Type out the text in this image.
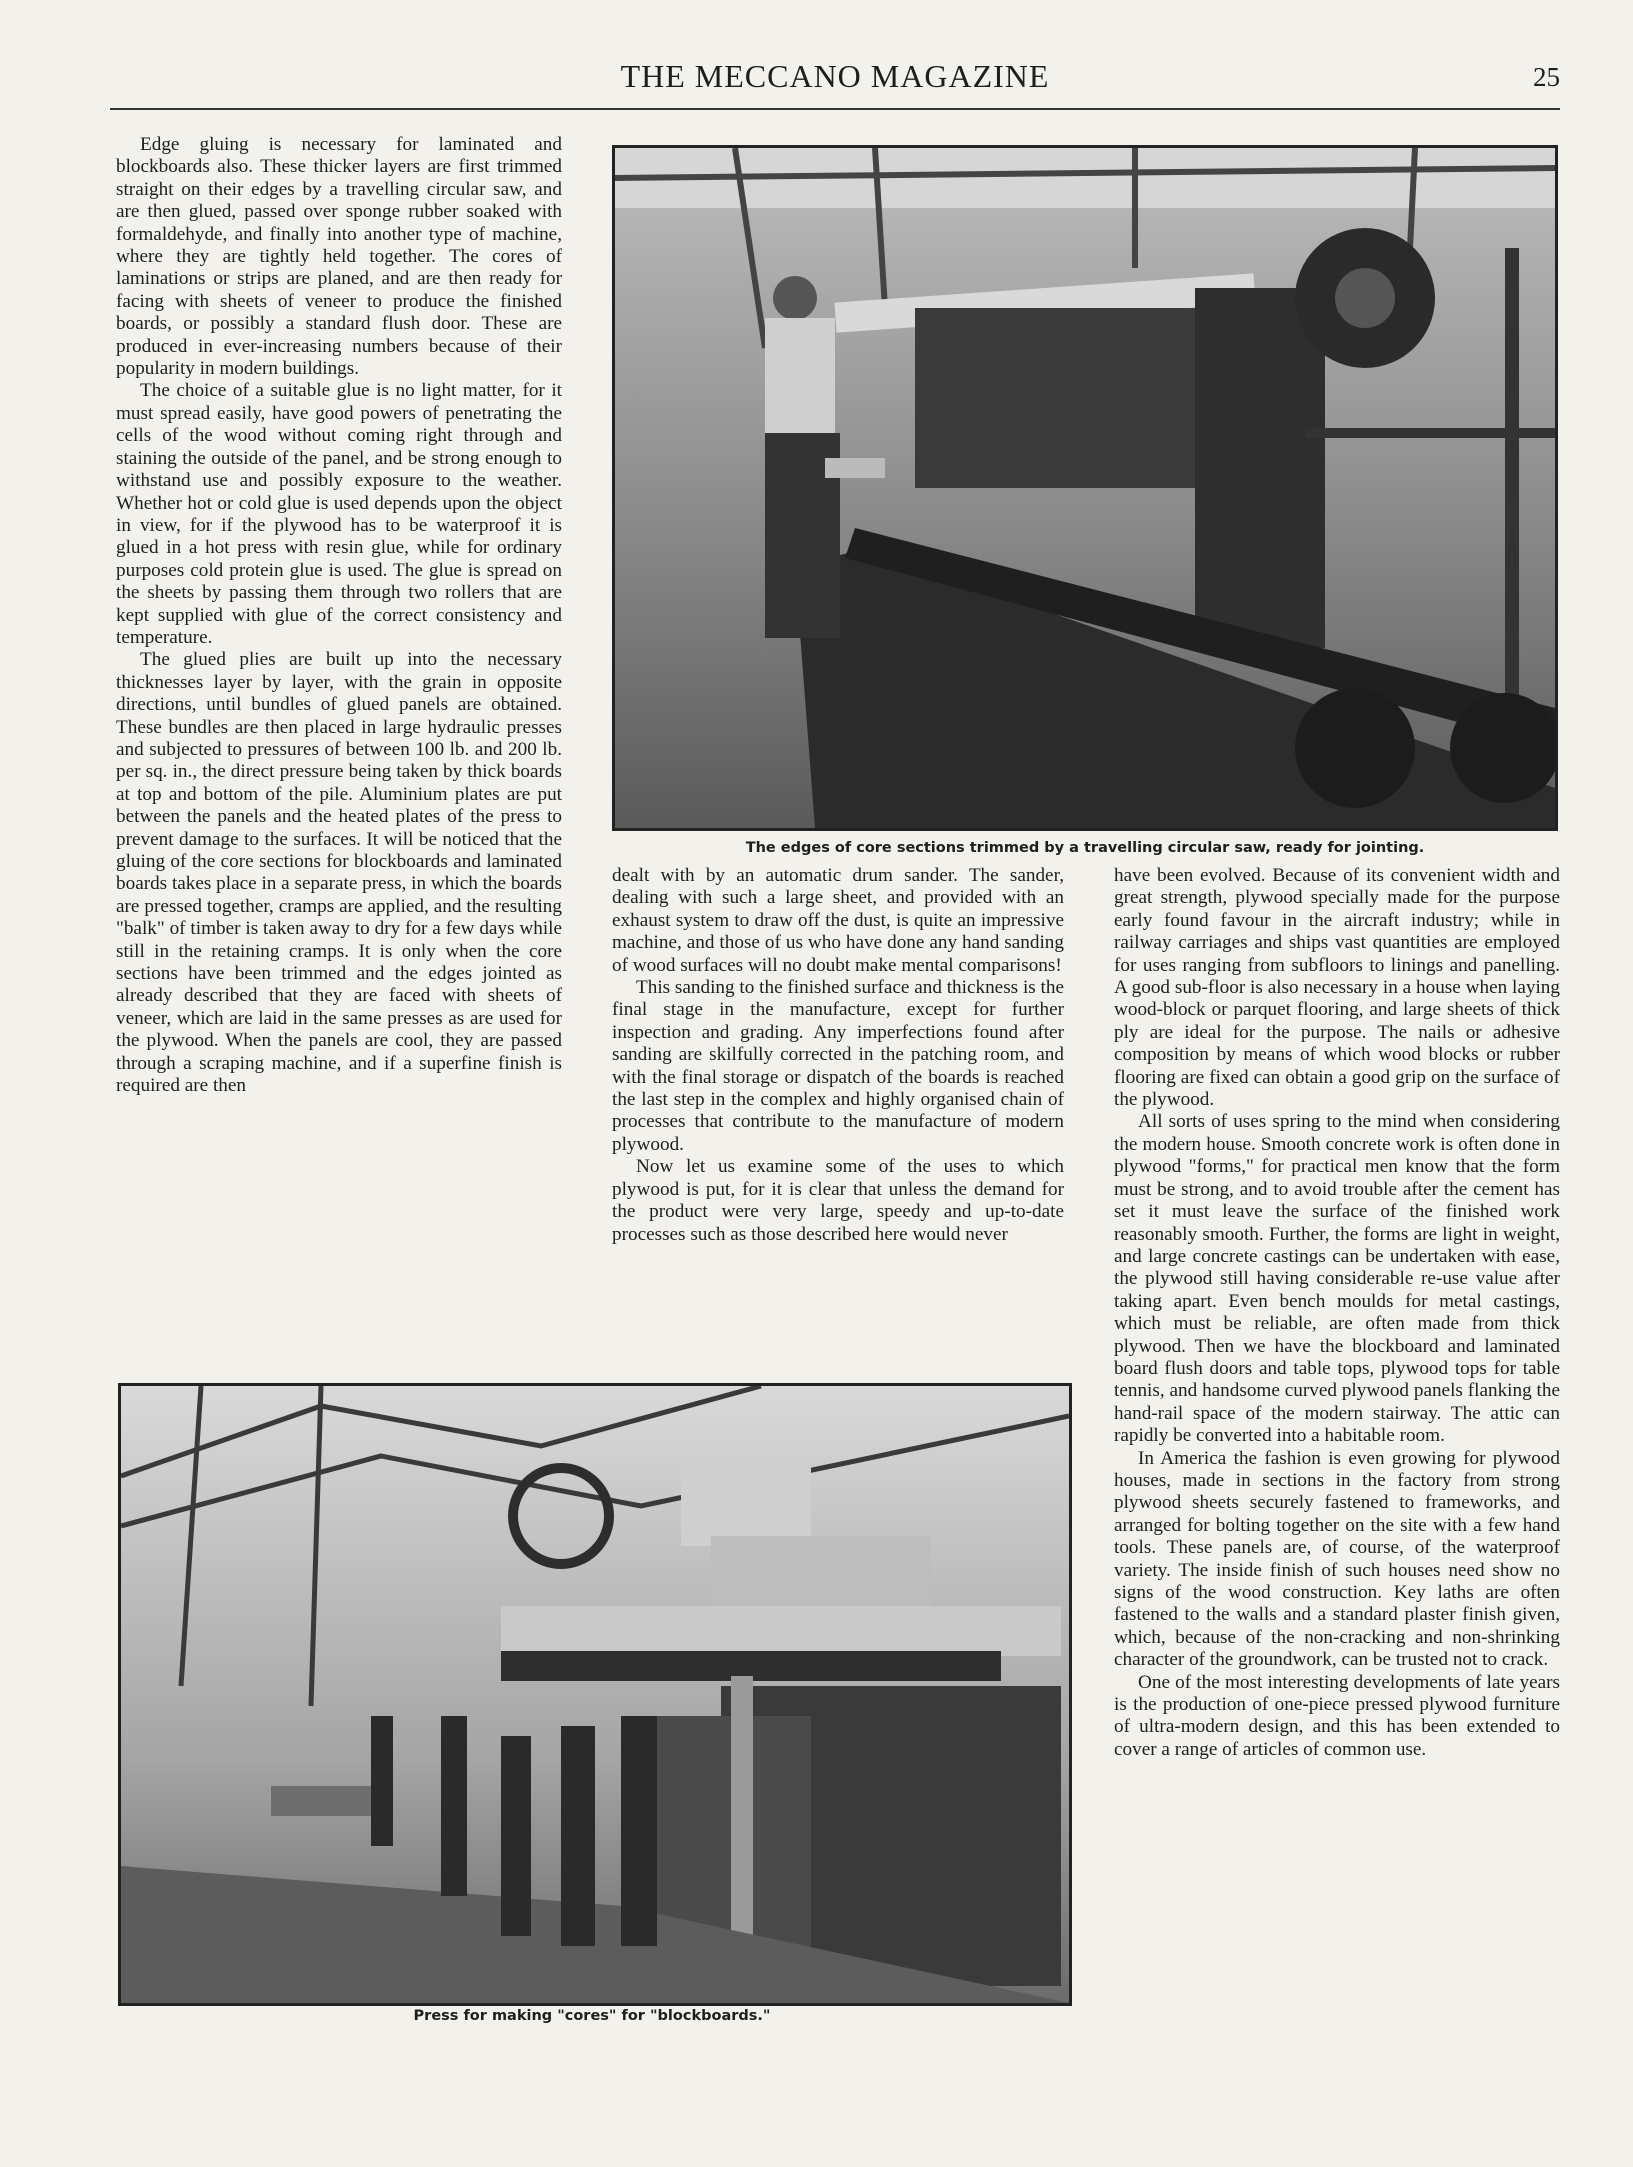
THE MECCANO MAGAZINE	25

Edge gluing is necessary for laminated and blockboards also. These thicker layers are first trimmed straight on their edges by a travelling circular saw, and are then glued, passed over sponge rubber soaked with formaldehyde, and finally into another type of machine, where they are tightly held together. The cores of laminations or strips are planed, and are then ready for facing with sheets of veneer to produce the finished boards, or possibly a standard flush door. These are produced in ever-increasing numbers because of their popularity in modern buildings.

The choice of a suitable glue is no light matter, for it must spread easily, have good powers of penetrating the cells of the wood without coming right through and staining the outside of the panel, and be strong enough to withstand use and possibly exposure to the weather. Whether hot or cold glue is used depends upon the object in view, for if the plywood has to be waterproof it is glued in a hot press with resin glue, while for ordinary purposes cold protein glue is used. The glue is spread on the sheets by passing them through two rollers that are kept supplied with glue of the correct consistency and temperature.

The glued plies are built up into the necessary thicknesses layer by layer, with the grain in opposite directions, until bundles of glued panels are obtained. These bundles are then placed in large hydraulic presses and subjected to pressures of between 100 lb. and 200 lb. per sq. in., the direct pressure being taken by thick boards at top and bottom of the pile. Aluminium plates are put between the panels and the heated plates of the press to prevent damage to the surfaces. It will be noticed that the gluing of the core sections for blockboards and laminated boards takes place in a separate press, in which the boards are pressed together, cramps are applied, and the resulting "balk" of timber is taken away to dry for a few days while still in the retaining cramps. It is only when the core sections have been trimmed and the edges jointed as already described that they are faced with sheets of veneer, which are laid in the same presses as are used for the plywood. When the panels are cool, they are passed through a scraping machine, and if a superfine finish is required are then

The edges of core sections trimmed by a travelling circular saw, ready for jointing.

dealt with by an automatic drum sander. The sander, dealing with such a large sheet, and provided with an exhaust system to draw off the dust, is quite an impressive machine, and those of us who have done any hand sanding of wood surfaces will no doubt make mental comparisons!

This sanding to the finished surface and thickness is the final stage in the manufacture, except for further inspection and grading. Any imperfections found after sanding are skilfully corrected in the patching room, and with the final storage or dispatch of the boards is reached the last step in the complex and highly organised chain of processes that contribute to the manufacture of modern plywood.

Now let us examine some of the uses to which plywood is put, for it is clear that unless the demand for the product were very large, speedy and up-to-date processes such as those described here would never

have been evolved. Because of its convenient width and great strength, plywood specially made for the purpose early found favour in the aircraft industry; while in railway carriages and ships vast quantities are employed for uses ranging from subfloors to linings and panelling. A good sub-floor is also necessary in a house when laying wood-block or parquet flooring, and large sheets of thick ply are ideal for the purpose. The nails or adhesive composition by means of which wood blocks or rubber flooring are fixed can obtain a good grip on the surface of the plywood.

All sorts of uses spring to the mind when considering the modern house. Smooth concrete work is often done in plywood "forms," for practical men know that the form must be strong, and to avoid trouble after the cement has set it must leave the surface of the finished work reasonably smooth. Further, the forms are light in weight, and large concrete castings can be undertaken with ease, the plywood still having considerable re-use value after taking apart. Even bench moulds for metal castings, which must be reliable, are often made from thick plywood. Then we have the blockboard and laminated board flush doors and table tops, plywood tops for table tennis, and handsome curved plywood panels flanking the hand-rail space of the modern stairway. The attic can rapidly be converted into a habitable room.

In America the fashion is even growing for plywood houses, made in sections in the factory from strong plywood sheets securely fastened to frameworks, and arranged for bolting together on the site with a few hand tools. These panels are, of course, of the waterproof variety. The inside finish of such houses need show no signs of the wood construction. Key laths are often fastened to the walls and a standard plaster finish given, which, because of the non-cracking and non-shrinking character of the groundwork, can be trusted not to crack.

One of the most interesting developments of late years is the production of one-piece pressed plywood furniture of ultra-modern design, and this has been extended to cover a range of articles of common use.

Press for making "cores" for "blockboards."
